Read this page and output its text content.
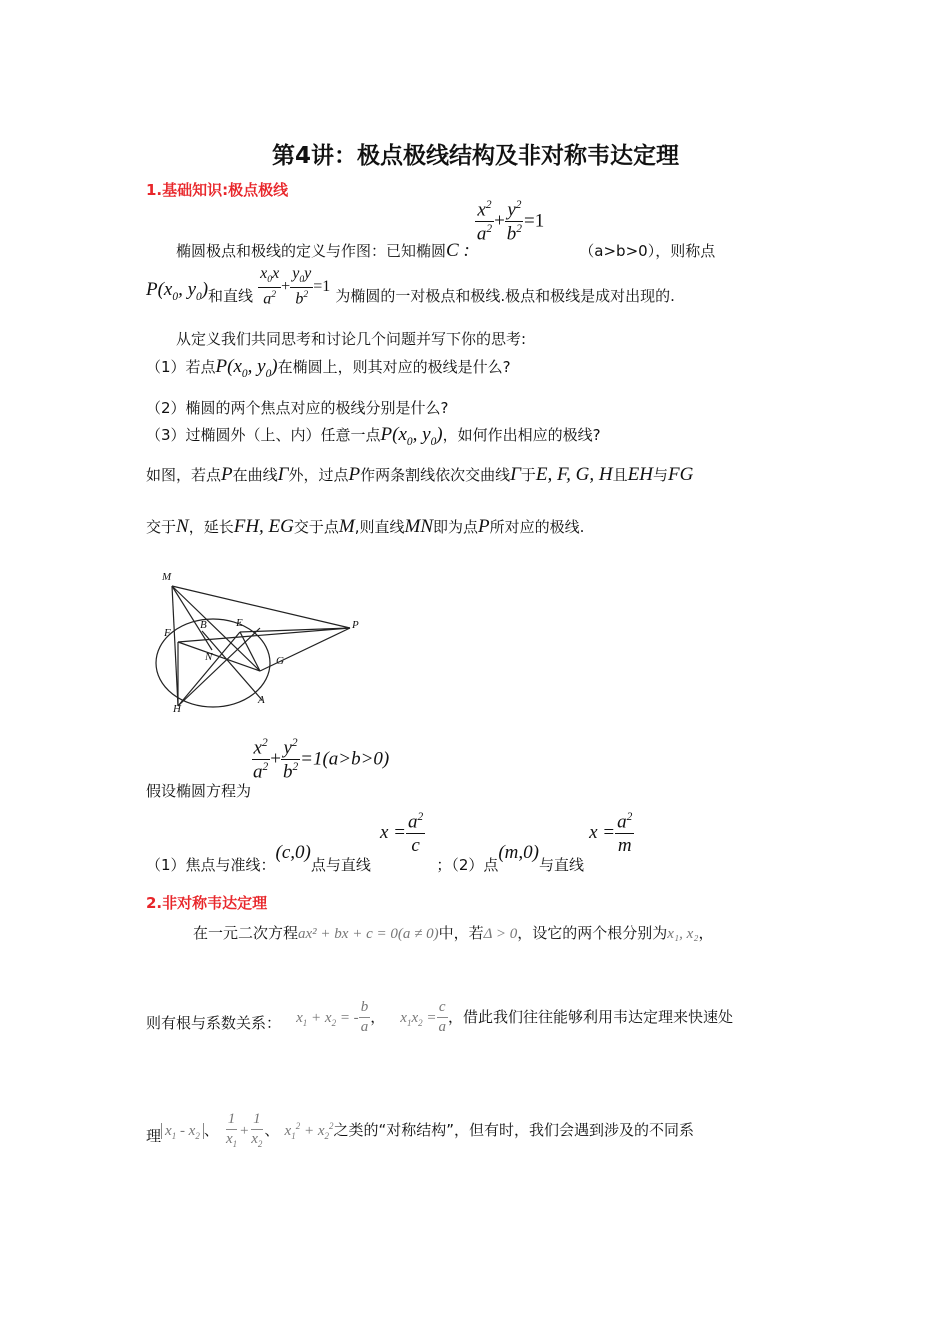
第4讲：极点极线结构及非对称韦达定理
1.基础知识:极点极线
椭圆极点和极线的定义与作图：已知椭圆C :
$\frac{x^2}{a^2} + \frac{y^2}{b^2} =1$ （a>b>0），则称点
$P(x_0$, $y_0$)和直线 $\frac{x_0x}{a^2} + \frac{y_0y}{b^2} =1$ 为椭圆的一对极点和极线.极点和极线是成对出现的.
从定义我们共同思考和讨论几个问题并写下你的思考:
（1）若点$P(x_0$, $y_0$)在椭圆上，则其对应的极线是什么?
（2）椭圆的两个焦点对应的极线分别是什么?
（3）过椭圆外（上、内）任意一点$P(x_0$, $y_0$)，如何作出相应的极线?
如图，若点P在曲线Γ外，过点P作两条割线依次交曲线Γ于E, F, G, H且EH与FG
交于N，延长FH, EG交于点M,则直线MN即为点P所对应的极线.
M
P
F
B	E
N	G
H
A
假设椭圆方程为
$\frac{x^2}{a^2} + \frac{y^2}{b^2} =1(a>b>0)$
（1）焦点与准线：(c,0)点与直线 $x = \frac{a^2}{c}$
；（2）点(m,0)与直线 $x = \frac{a^2}{m}$
2.非对称韦达定理
在一元二次方程ax² + bx + c = 0(a ≠ 0)中，若Δ > 0，设它的两个根分别为x₁, x₂，
则有根与系数关系： $x_1 + x_2$ = - $\frac{b}{a}$ ， $x_1x_2 = \frac{c}{a}$ ，借此我们往往能够利用韦达定理来快速处
理 $x_1 - x_2$ 、 $\frac{1}{x_1} + \frac{1}{x_2}$ 、 $x_1^2 + x_2^2$之类的“对称结构”，但有时，我们会遇到涉及的不同系
